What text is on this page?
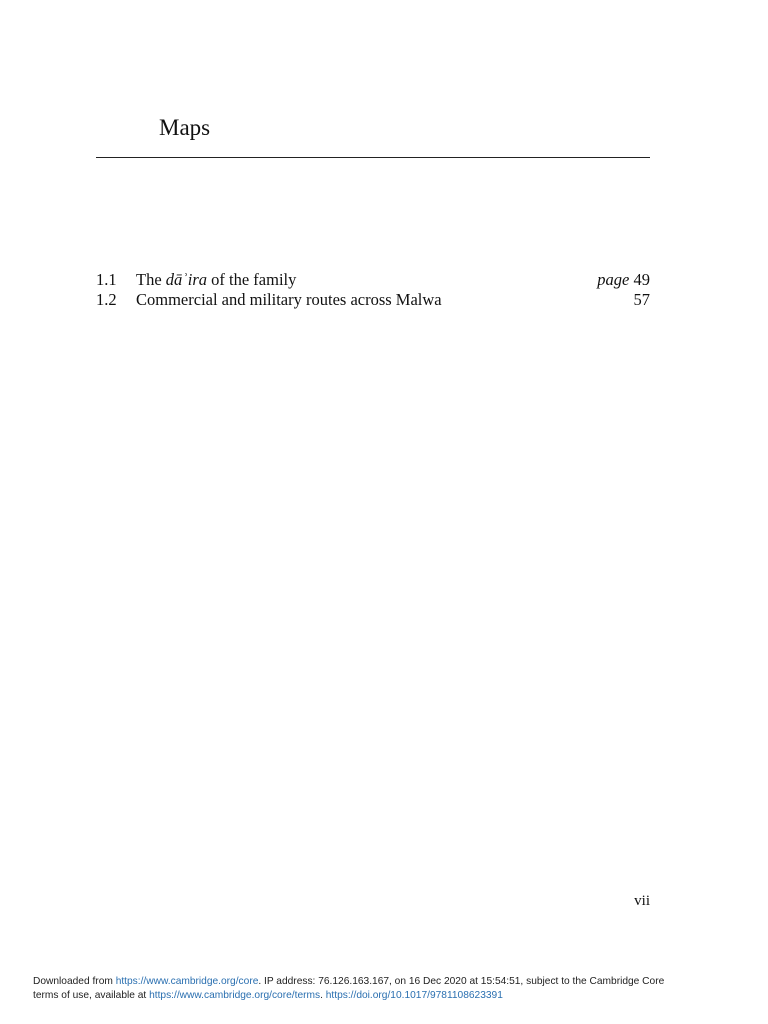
Maps
1.1 The dāʾira of the family	page 49
1.2 Commercial and military routes across Malwa	57
vii
Downloaded from https://www.cambridge.org/core. IP address: 76.126.163.167, on 16 Dec 2020 at 15:54:51, subject to the Cambridge Core
terms of use, available at https://www.cambridge.org/core/terms. https://doi.org/10.1017/9781108623391
